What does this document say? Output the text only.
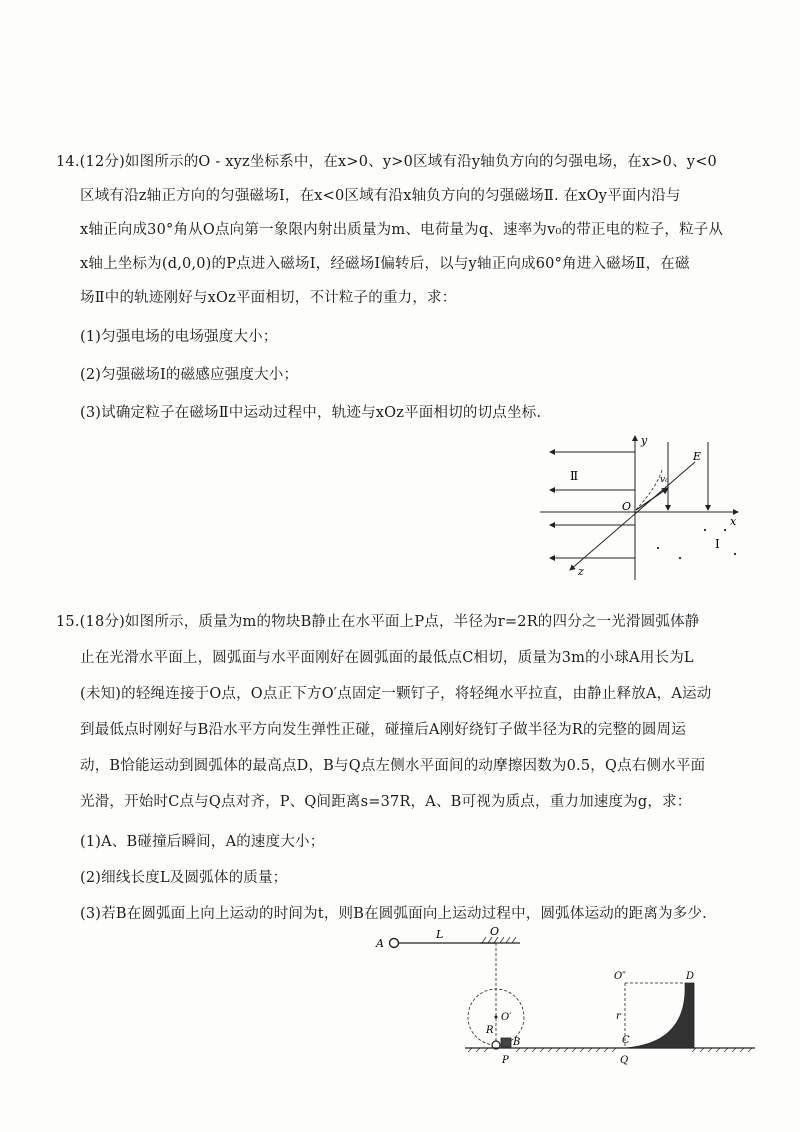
14.(12分)如图所示的O - xyz坐标系中，在x>0、y>0区域有沿y轴负方向的匀强电场，在x>0、y<0
区域有沿z轴正方向的匀强磁场Ⅰ，在x<0区域有沿x轴负方向的匀强磁场Ⅱ. 在xOy平面内沿与
x轴正向成30°角从O点向第一象限内射出质量为m、电荷量为q、速率为v₀的带正电的粒子，粒子从
x轴上坐标为(d,0,0)的P点进入磁场Ⅰ，经磁场Ⅰ偏转后，以与y轴正向成60°角进入磁场Ⅱ，在磁
场Ⅱ中的轨迹刚好与xOz平面相切，不计粒子的重力，求：
(1)匀强电场的电场强度大小；
(2)匀强磁场Ⅰ的磁感应强度大小；
(3)试确定粒子在磁场Ⅱ中运动过程中，轨迹与xOz平面相切的切点坐标.
y
x
z
O
E
Ⅱ
I
v₀
15.(18分)如图所示，质量为m的物块B静止在水平面上P点，半径为r=2R的四分之一光滑圆弧体静
止在光滑水平面上，圆弧面与水平面刚好在圆弧面的最低点C相切，质量为3m的小球A用长为L
(未知)的轻绳连接于O点，O点正下方O′点固定一颗钉子，将轻绳水平拉直，由静止释放A，A运动
到最低点时刚好与B沿水平方向发生弹性正碰，碰撞后A刚好绕钉子做半径为R的完整的圆周运
动，B恰能运动到圆弧体的最高点D，B与Q点左侧水平面间的动摩擦因数为0.5，Q点右侧水平面
光滑，开始时C点与Q点对齐，P、Q间距离s=37R，A、B可视为质点，重力加速度为g，求：
(1)A、B碰撞后瞬间，A的速度大小；
(2)细线长度L及圆弧体的质量；
(3)若B在圆弧面上向上运动的时间为t，则B在圆弧面向上运动过程中，圆弧体运动的距离为多少.
A
L	O
O′
R
B
P
O″	D
r
C
Q
